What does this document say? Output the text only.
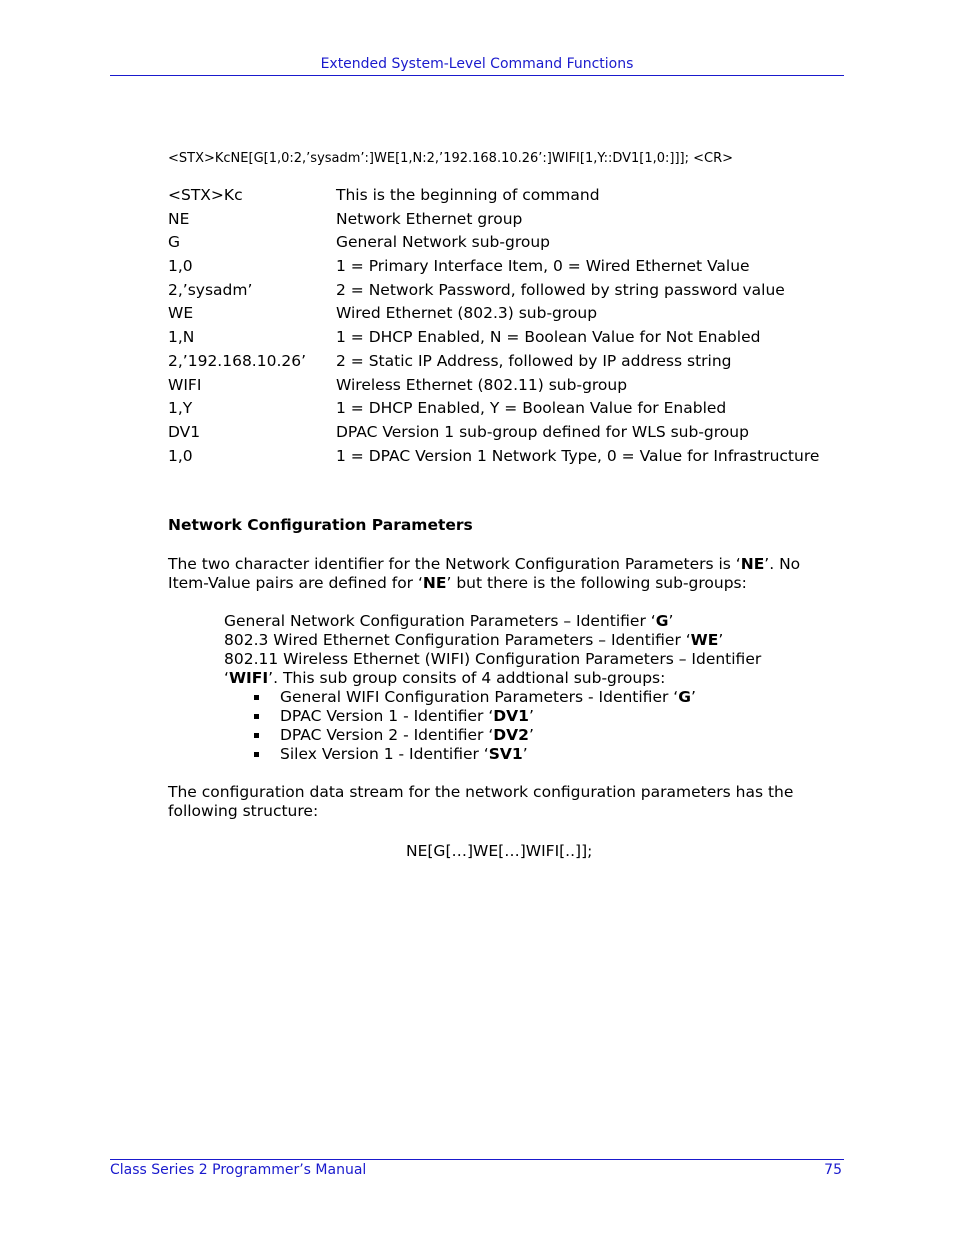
Extended System-Level Command Functions
<STX>KcNE[G[1,0:2,’sysadm’:]WE[1,N:2,’192.168.10.26’:]WIFI[1,Y::DV1[1,0:]]]; <CR>
<STX>Kc	This is the beginning of command
NE	Network Ethernet group
G	General Network sub-group
1,0	1 = Primary Interface Item, 0 = Wired Ethernet Value
2,’sysadm’	2 = Network Password, followed by string password value
WE	Wired Ethernet (802.3) sub-group
1,N	1 = DHCP Enabled, N = Boolean Value for Not Enabled
2,’192.168.10.26’ 2 = Static IP Address, followed by IP address string
WIFI	Wireless Ethernet (802.11) sub-group
1,Y	1 = DHCP Enabled, Y = Boolean Value for Enabled
DV1	DPAC Version 1 sub-group defined for WLS sub-group
1,0	1 = DPAC Version 1 Network Type, 0 = Value for Infrastructure
Network Configuration Parameters
The two character identifier for the Network Configuration Parameters is ‘NE’. No Item-Value pairs are defined for ‘NE’ but there is the following sub-groups:
General Network Configuration Parameters – Identifier ‘G’
802.3 Wired Ethernet Configuration Parameters – Identifier ‘WE’
802.11 Wireless Ethernet (WIFI) Configuration Parameters – Identifier
‘WIFI’. This sub group consits of 4 addtional sub-groups:
General WIFI Configuration Parameters - Identifier ‘G’
DPAC Version 1 - Identifier ‘DV1’
DPAC Version 2 - Identifier ‘DV2’
Silex Version 1 - Identifier ‘SV1’
The configuration data stream for the network configuration parameters has the following structure:
NE[G[…]WE[…]WIFI[..]];
Class Series 2 Programmer’s Manual	75
